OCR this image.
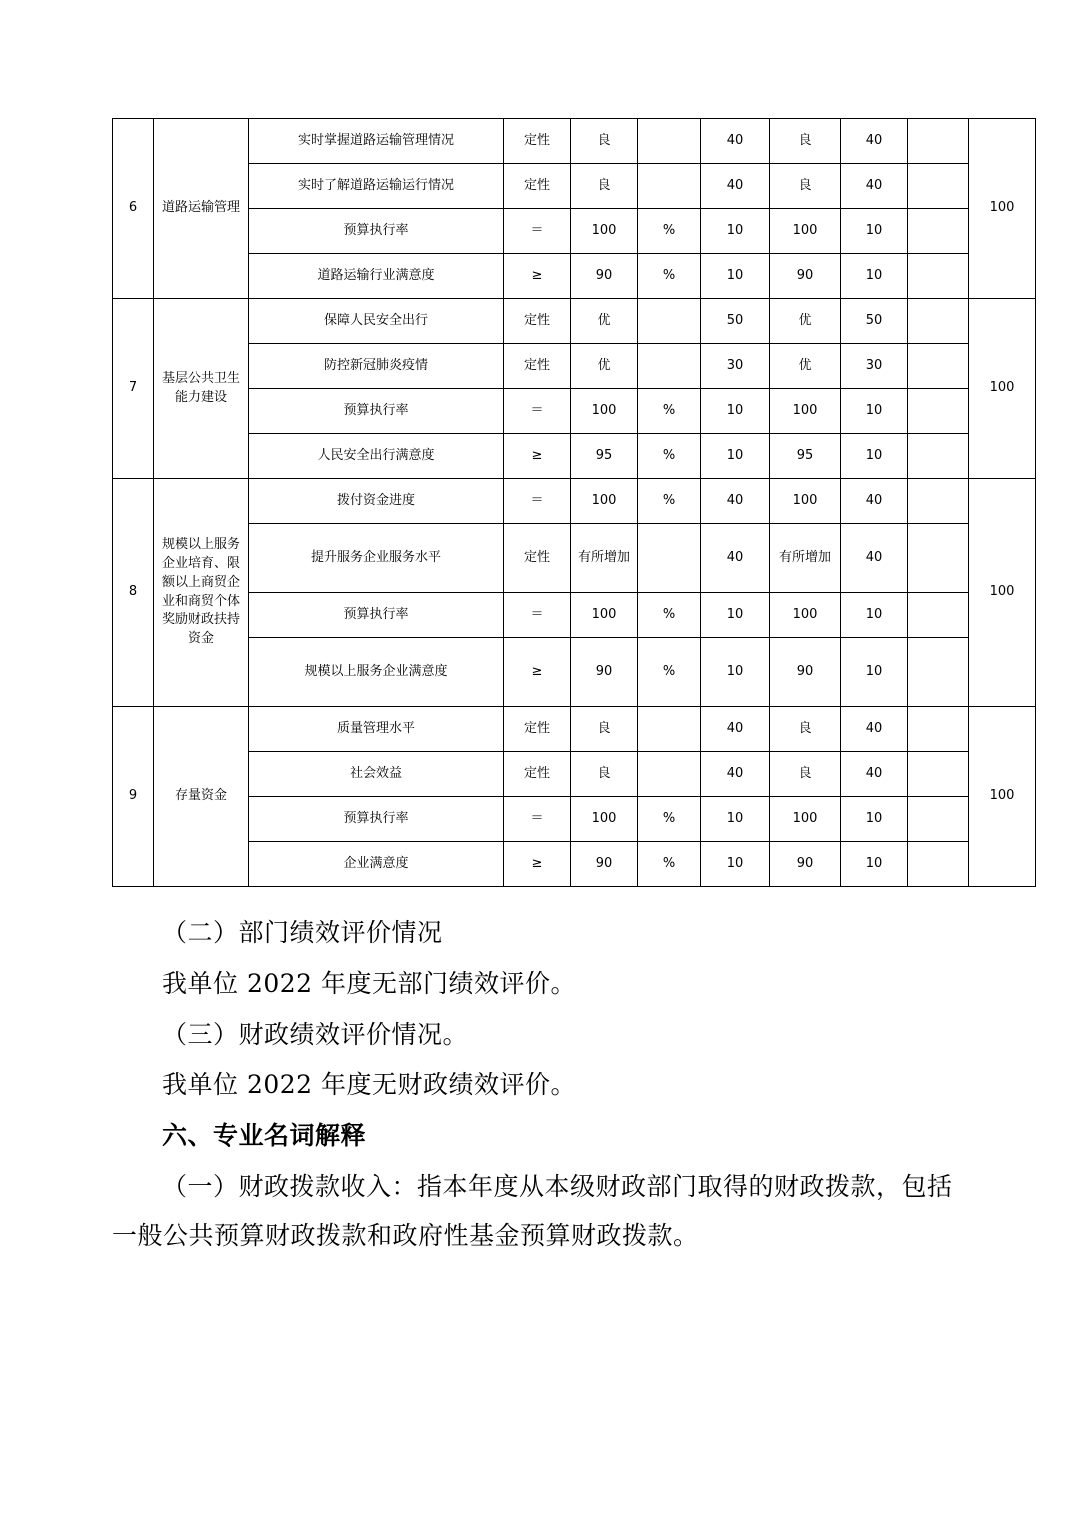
6	道路运输管理	实时掌握道路运输管理情况	定性	良		40	良	40		100
		实时了解道路运输运行情况	定性	良		40	良	40		
		预算执行率	＝	100	%	10	100	10		
		道路运输行业满意度	≥	90	%	10	90	10		
7	基层公共卫生能力建设	保障人民安全出行	定性	优		50	优	50		100
		防控新冠肺炎疫情	定性	优		30	优	30		
		预算执行率	＝	100	%	10	100	10		
		人民安全出行满意度	≥	95	%	10	95	10		
8	规模以上服务企业培育、限额以上商贸企业和商贸个体奖励财政扶持资金	拨付资金进度	＝	100	%	40	100	40		100
		提升服务企业服务水平	定性	有所增加		40	有所增加	40		
		预算执行率	＝	100	%	10	100	10		
		规模以上服务企业满意度	≥	90	%	10	90	10		
9	存量资金	质量管理水平	定性	良		40	良	40		100
		社会效益	定性	良		40	良	40		
		预算执行率	＝	100	%	10	100	10		
		企业满意度	≥	90	%	10	90	10		

（二）部门绩效评价情况

我单位 2022 年度无部门绩效评价。

（三）财政绩效评价情况。

我单位 2022 年度无财政绩效评价。

六、专业名词解释

（一）财政拨款收入：指本年度从本级财政部门取得的财政拨款，包括一般公共预算财政拨款和政府性基金预算财政拨款。
